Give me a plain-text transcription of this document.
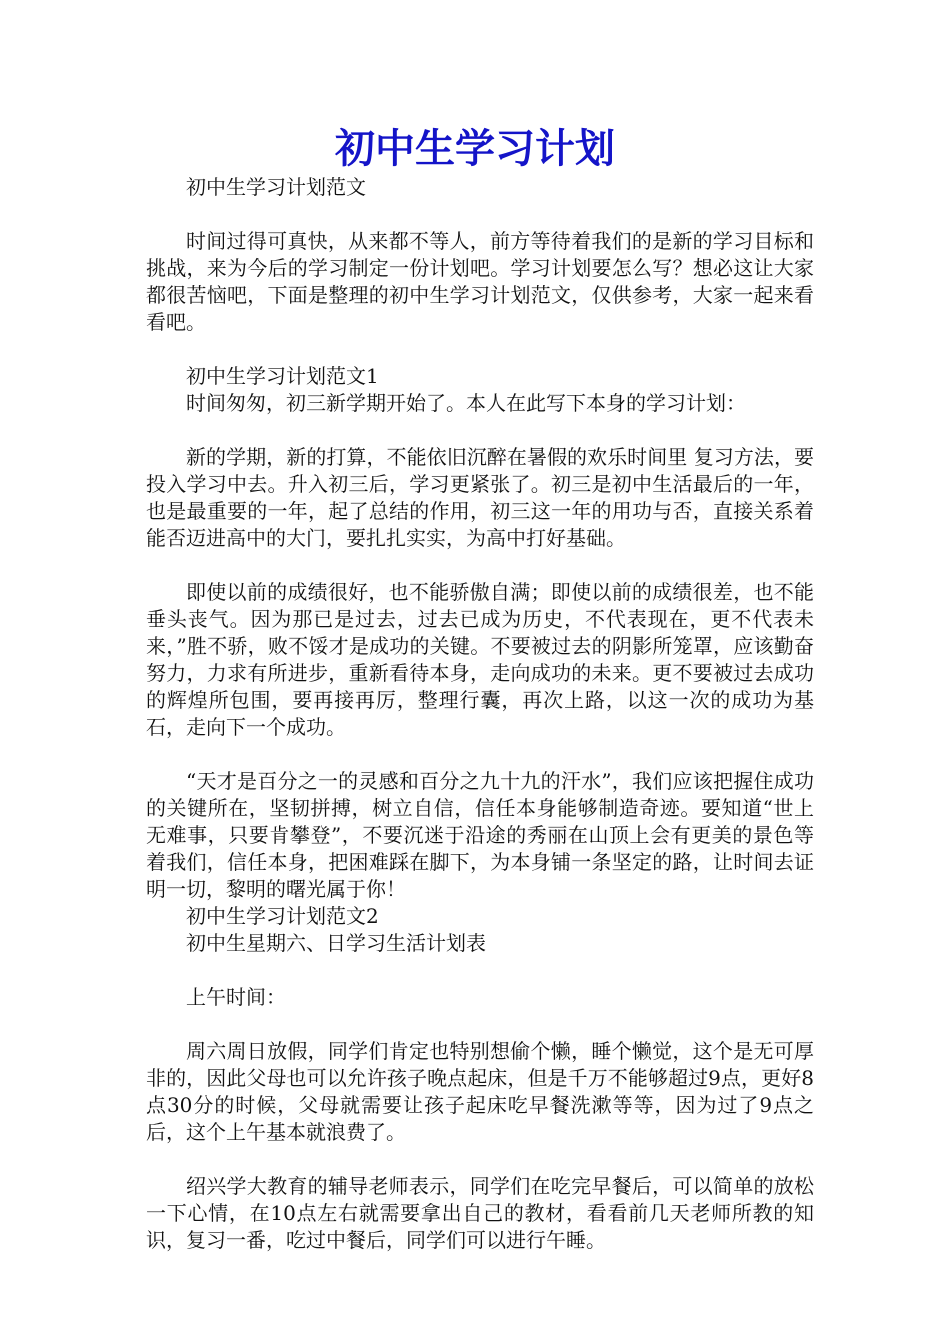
初中生学习计划

初中生学习计划范文

时间过得可真快，从来都不等人，前方等待着我们的是新的学习目标和挑战，来为今后的学习制定一份计划吧。学习计划要怎么写？想必这让大家都很苦恼吧，下面是整理的初中生学习计划范文，仅供参考，大家一起来看看吧。

初中生学习计划范文1

时间匆匆，初三新学期开始了。本人在此写下本身的学习计划：

新的学期，新的打算，不能依旧沉醉在暑假的欢乐时间里 复习方法，要投入学习中去。升入初三后，学习更紧张了。初三是初中生活最后的一年，也是最重要的一年，起了总结的作用，初三这一年的用功与否，直接关系着能否迈进高中的大门，要扎扎实实，为高中打好基础。

即使以前的成绩很好，也不能骄傲自满；即使以前的成绩很差，也不能垂头丧气。因为那已是过去，过去已成为历史，不代表现在，更不代表未来，”胜不骄，败不馁才是成功的关键。不要被过去的阴影所笼罩，应该勤奋努力，力求有所进步，重新看待本身，走向成功的未来。更不要被过去成功的辉煌所包围，要再接再厉，整理行囊，再次上路，以这一次的成功为基石，走向下一个成功。

“天才是百分之一的灵感和百分之九十九的汗水”，我们应该把握住成功的关键所在，坚韧拼搏，树立自信，信任本身能够制造奇迹。要知道“世上无难事，只要肯攀登”，不要沉迷于沿途的秀丽在山顶上会有更美的景色等着我们，信任本身，把困难踩在脚下，为本身铺一条坚定的路，让时间去证明一切，黎明的曙光属于你！

初中生学习计划范文2

初中生星期六、日学习生活计划表

上午时间：

周六周日放假，同学们肯定也特别想偷个懒，睡个懒觉，这个是无可厚非的，因此父母也可以允许孩子晚点起床，但是千万不能够超过9点，更好8点30分的时候，父母就需要让孩子起床吃早餐洗漱等等，因为过了9点之后，这个上午基本就浪费了。

绍兴学大教育的辅导老师表示，同学们在吃完早餐后，可以简单的放松一下心情，在10点左右就需要拿出自己的教材，看看前几天老师所教的知识，复习一番，吃过中餐后，同学们可以进行午睡。
